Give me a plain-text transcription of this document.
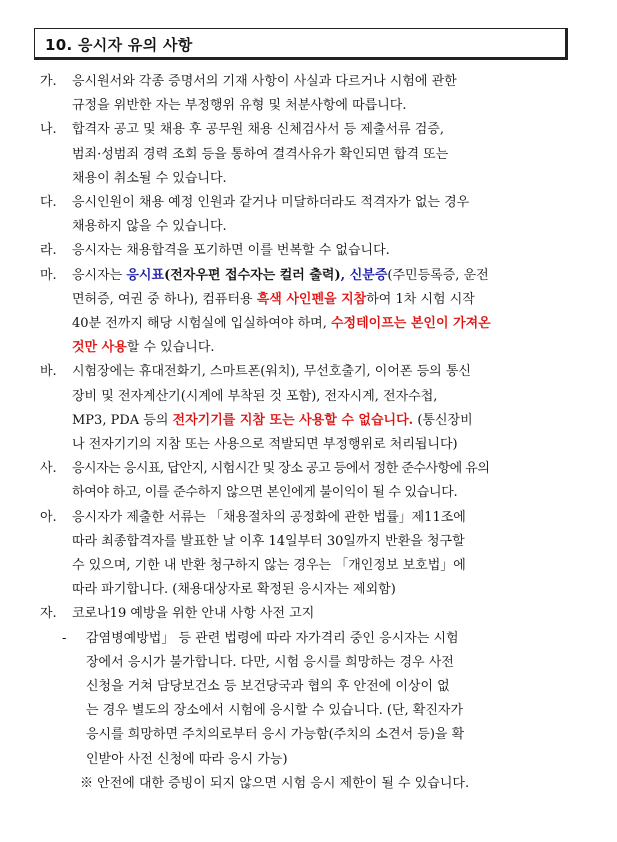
10. 응시자 유의 사항
가. 응시원서와 각종 증명서의 기재 사항이 사실과 다르거나 시험에 관한
규정을 위반한 자는 부정행위 유형 및 처분사항에 따릅니다.
나. 합격자 공고 및 채용 후 공무원 채용 신체검사서 등 제출서류 검증,
범죄·성범죄 경력 조회 등을 통하여 결격사유가 확인되면 합격 또는
채용이 취소될 수 있습니다.
다. 응시인원이 채용 예정 인원과 같거나 미달하더라도 적격자가 없는 경우
채용하지 않을 수 있습니다.
라. 응시자는 채용합격을 포기하면 이를 번복할 수 없습니다.
마. 응시자는 응시표(전자우편 접수자는 컬러 출력), 신분증(주민등록증, 운전
면허증, 여권 중 하나), 컴퓨터용 흑색 사인펜을 지참하여 1차 시험 시작
40분 전까지 해당 시험실에 입실하여야 하며, 수정테이프는 본인이 가져온
것만 사용할 수 있습니다.
바. 시험장에는 휴대전화기, 스마트폰(워치), 무선호출기, 이어폰 등의 통신
장비 및 전자계산기(시계에 부착된 것 포함), 전자시계, 전자수첩,
MP3, PDA 등의 전자기기를 지참 또는 사용할 수 없습니다. (통신장비
나 전자기기의 지참 또는 사용으로 적발되면 부정행위로 처리됩니다)
사. 응시자는 응시표, 답안지, 시험시간 및 장소 공고 등에서 정한 준수사항에 유의
하여야 하고, 이를 준수하지 않으면 본인에게 불이익이 될 수 있습니다.
아. 응시자가 제출한 서류는 「채용절차의 공정화에 관한 법률」제11조에
따라 최종합격자를 발표한 날 이후 14일부터 30일까지 반환을 청구할
수 있으며, 기한 내 반환 청구하지 않는 경우는 「개인정보 보호법」에
따라 파기합니다. (채용대상자로 확정된 응시자는 제외함)
자. 코로나19 예방을 위한 안내 사항 사전 고지
- 감염병예방법」 등 관련 법령에 따라 자가격리 중인 응시자는 시험
장에서 응시가 불가합니다. 다만, 시험 응시를 희망하는 경우 사전
신청을 거쳐 담당보건소 등 보건당국과 협의 후 안전에 이상이 없
는 경우 별도의 장소에서 시험에 응시할 수 있습니다. (단, 확진자가
응시를 희망하면 주치의로부터 응시 가능함(주치의 소견서 등)을 확
인받아 사전 신청에 따라 응시 가능)
※ 안전에 대한 증빙이 되지 않으면 시험 응시 제한이 될 수 있습니다.
